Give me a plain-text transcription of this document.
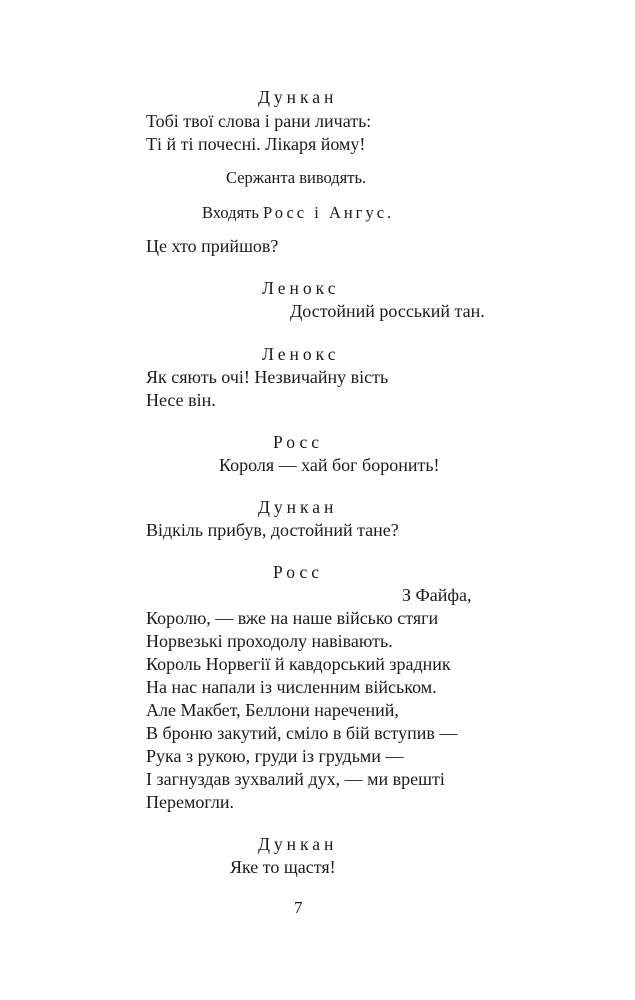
Дункан
Тобі твої слова і рани личать:
Ті й ті почесні. Лікаря йому!
Сержанта виводять.
Входять Росс і Ангус.
Це хто прийшов?
Ленокс
Достойний росський тан.
Ленокс
Як сяють очі! Незвичайну вість
Несе він.
Росс
Короля — хай бог боронить!
Дункан
Відкіль прибув, достойний тане?
Росс
З Файфа,
Королю, — вже на наше військо стяги
Норвезькі проходолу навівають.
Король Норвегії й кавдорський зрадник
На нас напали із численним військом.
Але Макбет, Беллони наречений,
В броню закутий, сміло в бій вступив —
Рука з рукою, груди із грудьми —
І загнуздав зухвалий дух, — ми врешті
Перемогли.
Дункан
Яке то щастя!
7
